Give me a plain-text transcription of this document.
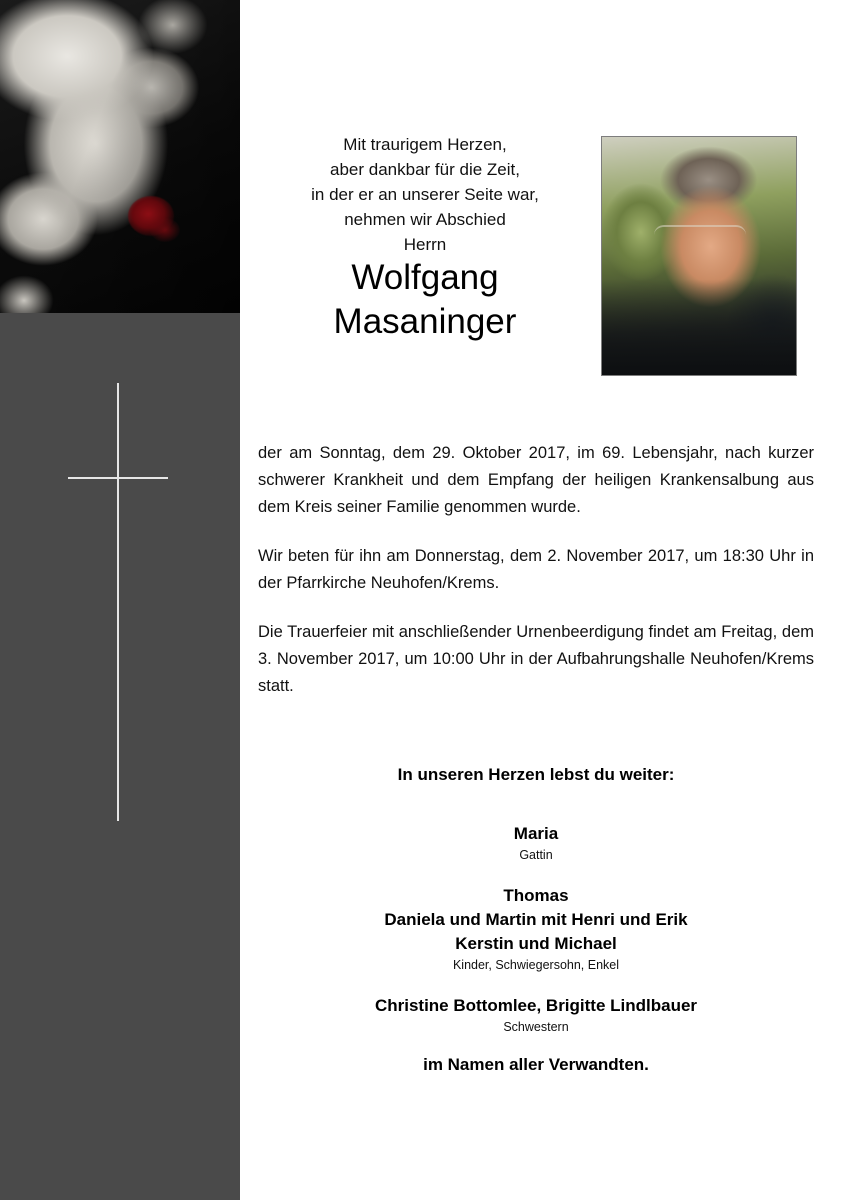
Mit traurigem Herzen,
aber dankbar für die Zeit,
in der er an unserer Seite war,
nehmen wir Abschied
Herrn
Wolfgang
Masaninger

der am Sonntag, dem 29. Oktober 2017, im 69. Lebensjahr, nach kurzer schwerer Krankheit und dem Empfang der heiligen Krankensalbung aus dem Kreis seiner Familie genommen wurde.

Wir beten für ihn am Donnerstag, dem 2. November 2017, um 18:30 Uhr in der Pfarrkirche Neuhofen/Krems.

Die Trauerfeier mit anschließender Urnenbeerdigung findet am Freitag, dem 3. November 2017, um 10:00 Uhr in der Aufbahrungshalle Neuhofen/Krems statt.

In unseren Herzen lebst du weiter:
Maria
Gattin
Thomas
Daniela und Martin mit Henri und Erik
Kerstin und Michael
Kinder, Schwiegersohn, Enkel
Christine Bottomlee, Brigitte Lindlbauer
Schwestern
im Namen aller Verwandten.
